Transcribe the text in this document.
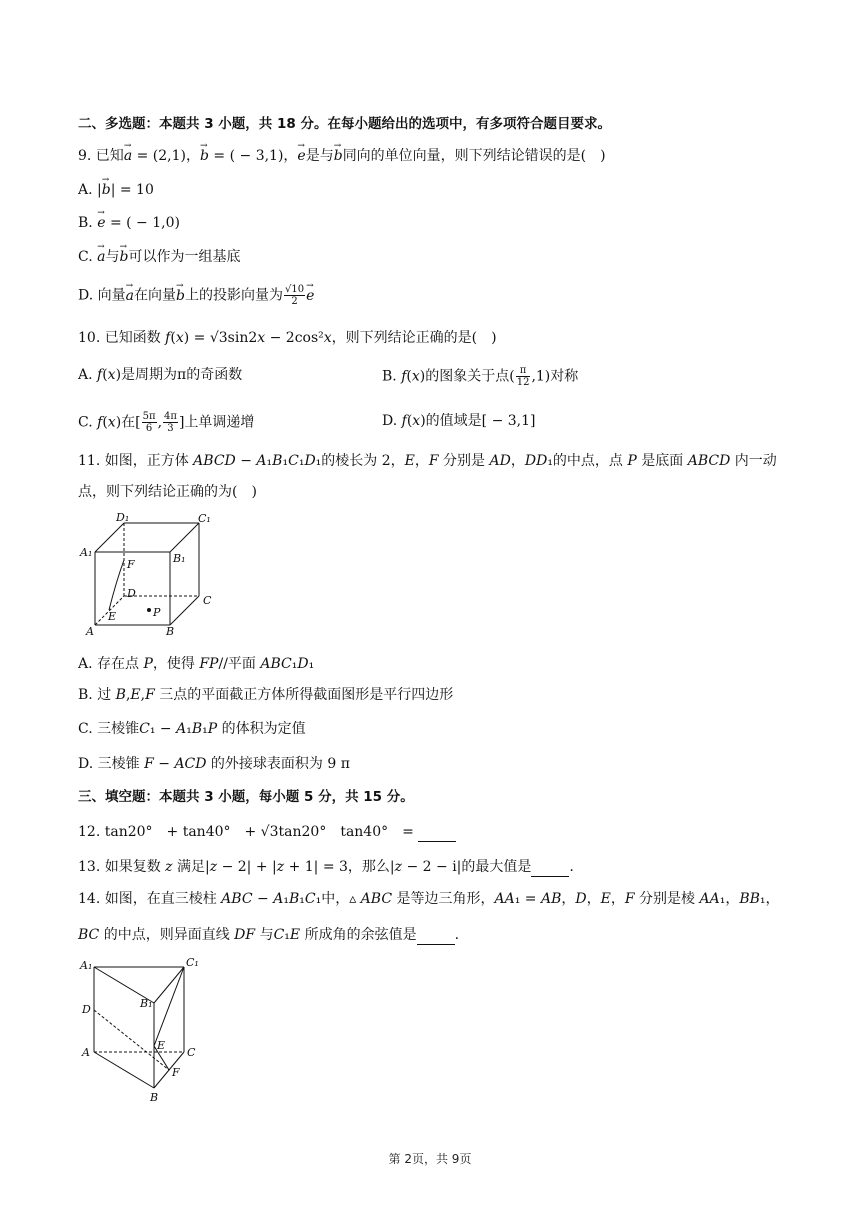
二、多选题：本题共 3 小题，共 18 分。在每小题给出的选项中，有多项符合题目要求。
9. 已知→ a = (2,1)，→ b = ( − 3,1)，→ e是与→ b同向的单位向量，则下列结论错误的是(　)
A. |→ b| = 10
B. → e = ( − 1,0)
C. → a与→ b可以作为一组基底
D. 向量→ a在向量→ b上的投影向量为 $\frac{√10}{2}$
→ e
10. 已知函数 f(x) = √3sin2x − 2cos²x，则下列结论正确的是(　)
A. f(x)是周期为π的奇函数	B. f(x)的图象关于点( $\frac{\pi}{12} ,1$)对称
C. f(x)在[ $\frac{5\pi}{6}$ , $\frac{4\pi}{3}$ ]上单调递增	D. f(x)的值域是[ − 3,1]
11. 如图，正方体 ABCD − A₁B₁C₁D₁的棱长为 2，E，F 分别是 AD，DD₁的中点，点 P 是底面 ABCD 内一动
点，则下列结论正确的为(　)
D₁	C₁
A₁	B₁
F
D
C
E	P
A	B
A. 存在点 P，使得 FP//平面 ABC₁D₁
B. 过 B,E,F 三点的平面截正方体所得截面图形是平行四边形
C. 三棱锥C₁ − A₁B₁P 的体积为定值
D. 三棱锥 F − ACD 的外接球表面积为 9 π
三、填空题：本题共 3 小题，每小题 5 分，共 15 分。
12. tan20°　+ tan40°　+ √3tan20°　tan40°　=
13. 如果复数 z 满足|z − 2| + |z + 1| = 3，那么|z − 2 − i|的最大值是	.
14. 如图，在直三棱柱 ABC − A₁B₁C₁中，▵ ABC 是等边三角形，AA₁ = AB，D，E，F 分别是棱 AA₁，BB₁，
BC 的中点，则异面直线 DF 与C₁E 所成角的余弦值是	.
A₁	C₁
D	B₁
E
A	C
F
B
第 2页，共 9页
